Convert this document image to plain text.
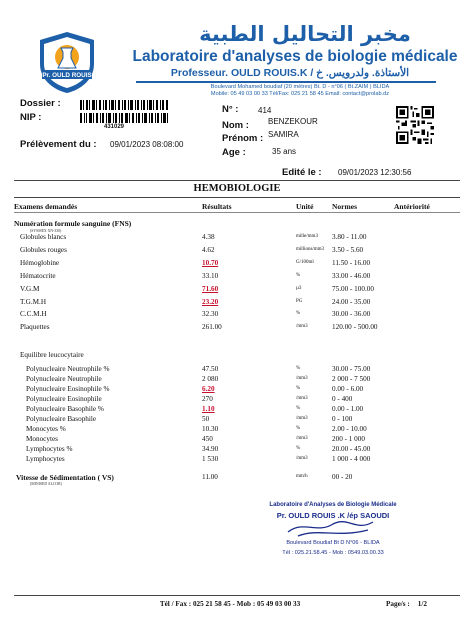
Pr. OULD ROUIS
مخبر التحاليل الطبية
Laboratoire d'analyses de biologie médicale
Professeur. OULD ROUIS.K / الأستاذة. ولدرويس. خ
Boulevard Mohamed boudiaf (20 mètres) Bt. D - n°06 ( Bt.ZAIM ) BLIDA
Mobile: 05 49 03 00 33 Tél/Fax: 025 21 58 45 Email: contact@prolab.dz
Dossier :
NIP :
431029
Prélèvement du : 09/01/2023 08:08:00
N° : 414
Nom : BENZEKOUR
Prénom : SAMIRA
Age :	35 ans
Edité le : 09/01/2023 12:30:56
HEMOBIOLOGIE
Examens demandés	Résultats	Unité Normes	Antériorité
Numération formule sanguine (FNS)
(SYSMEX XN-330)
Globules blancs	4.38	mille/mm3 3.80 - 11.00
Globules rouges	4.62	millions/mm3 3.50 - 5.60
Hémoglobine	10.70	G/100ml	11.50 - 16.00
Hématocrite	33.10	%	33.00 - 46.00
V.G.M	71.60	µ3	75.00 - 100.00
T.G.M.H	23.20	PG	24.00 - 35.00
C.C.M.H	32.30	%	30.00 - 36.00
Plaquettes	261.00	/mm3	120.00 - 500.00
Equilibre leucocytaire
Polynucleaire Neutrophile %	47.50	%	30.00 - 75.00
Polynucleaire Neutrophile	2 080	/mm3	2 000 - 7 500
Polynucleaire Eosinophile %	6.20	%	0.00 - 6.00
Polynucleaire Eosinophile	270	/mm3	0 - 400
Polynucleaire Basophile %	1.10	%	0.00 - 1.00
Polynucleaire Basophile	50	/mm3	0 - 100
Monocytes %	10.30	%	2.00 - 10.00
Monocytes	450	/mm3	200 - 1 000
Lymphocytes %	34.90	%	20.00 - 45.00
Lymphocytes	1 530	/mm3	1 000 - 4 000
Vitesse de Sédimentation ( VS)
(MINISED ALCOR)
11.00	mm/h	00 - 20
Laboratoire d'Analyses de Biologie Médicale
Pr. OULD ROUIS .K /ép SAOUDI
Boulevard Boudiaf Bt D N°06 - BLIDA
Tél : 025.21.58.45 - Mob : 0549.03.00.33
Tél / Fax : 025 21 58 45 - Mob : 05 49 03 00 33	Page/s : 1/2
